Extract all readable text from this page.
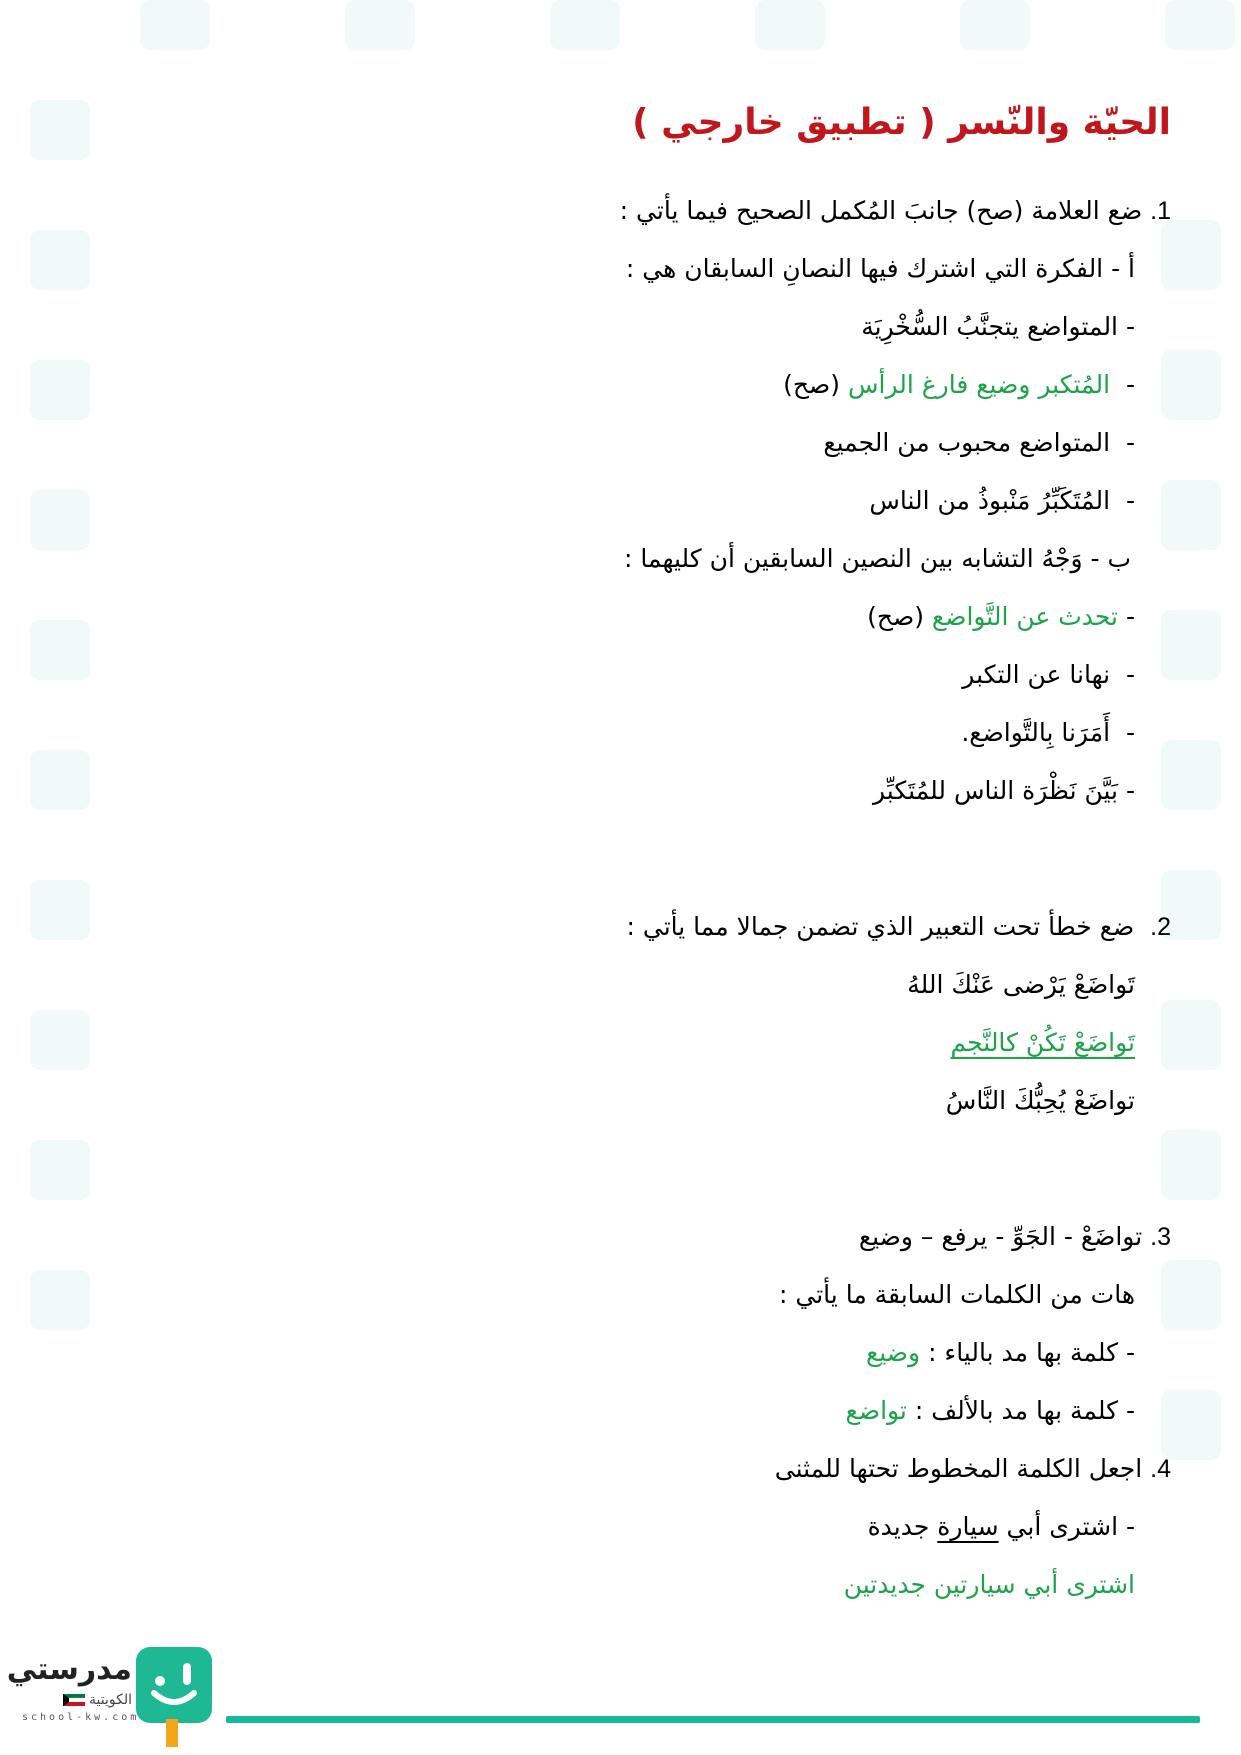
الحيّة والنّسر ( تطبيق خارجي )
1. ضع العلامة (صح) جانبَ المُكمل الصحيح فيما يأتي :
أ - الفكرة التي اشترك فيها النصانِ السابقان هي :
- المتواضع يتجنَّبُ السُّخْرِيَة
-  المُتكبر وضيع فارغ الرأس (صح)
-  المتواضع محبوب من الجميع
-  المُتَكَبِّرُ مَنْبوذُ من الناس
ب - وَجْهُ التشابه بين النصين السابقين أن كليهما :
- تحدث عن التَّواضع (صح)
-  نهانا عن التكبر
-  أَمَرَنا بِالتَّواضع.
- بَيَّنَ نَظْرَة الناس للمُتَكبِّر
2.  ضع خطأ تحت التعبير الذي تضمن جمالا مما يأتي :
تَواضَعْ يَرْضى عَنْكَ اللهُ
تَواضَعْ تَكُنْ كالنَّجم
تواضَعْ يُحِبُّكَ النَّاسُ
3. تواضَعْ - الجَوِّ - يرفع – وضيع
هات من الكلمات السابقة ما يأتي :
- كلمة بها مد بالياء : وضيع
- كلمة بها مد بالألف : تواضع
4. اجعل الكلمة المخطوط تحتها للمثنى
- اشترى أبي سيارة جديدة
اشترى أبي سيارتين جديدتين
مدرستي
الكويتية
school-kw.com
